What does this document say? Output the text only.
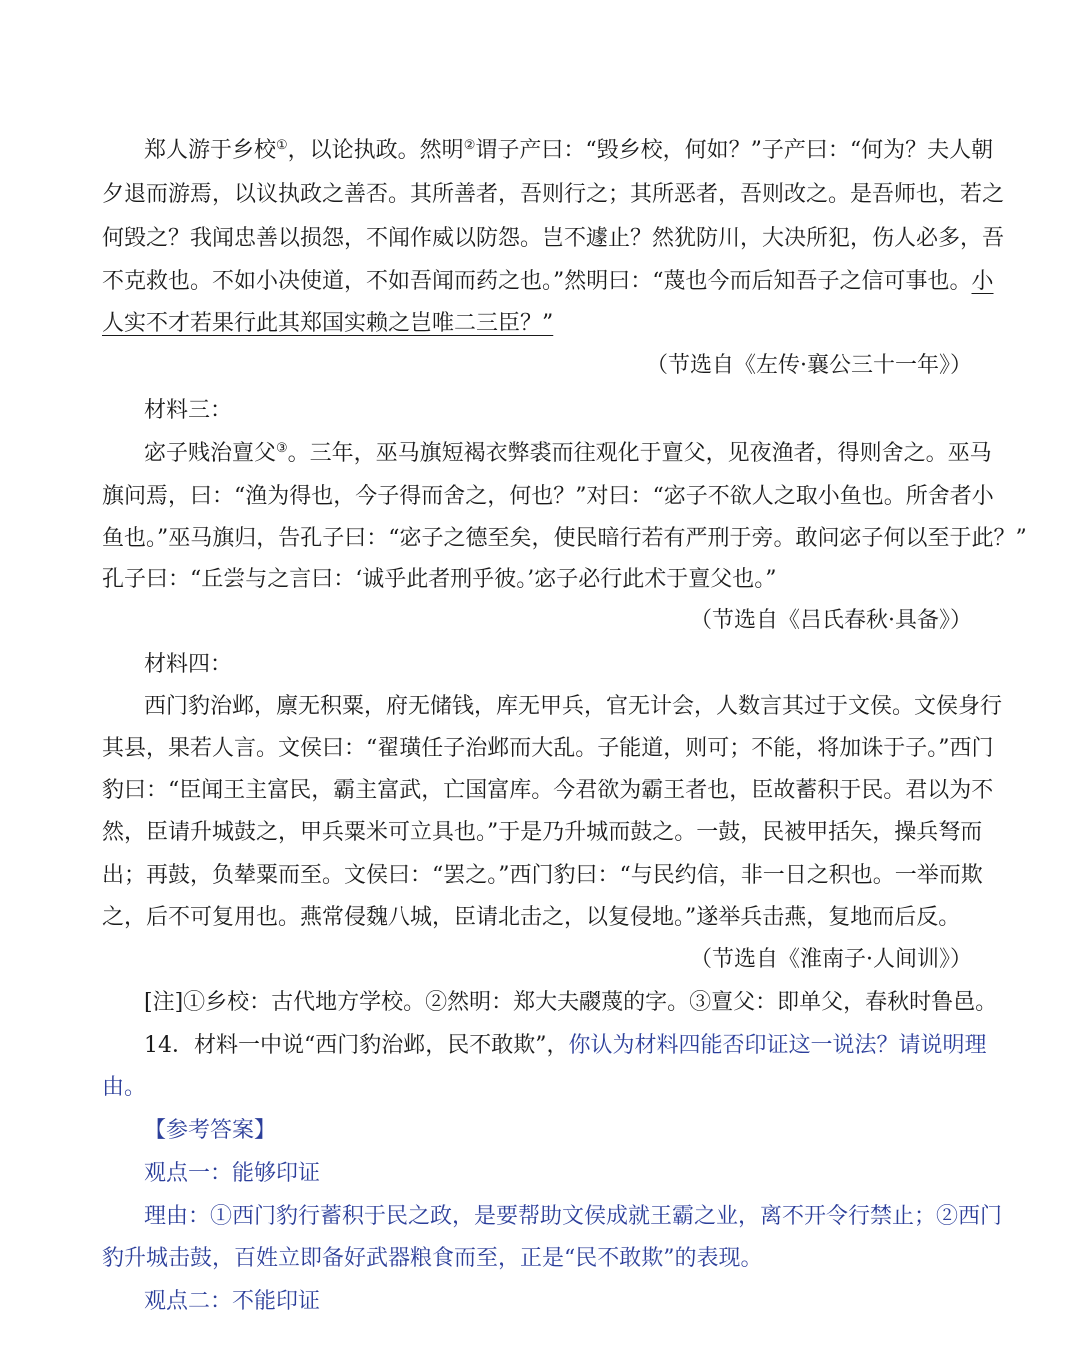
郑人游于乡校①，以论执政。然明②谓子产曰：“毁乡校，何如？”子产曰：“何为？夫人朝
夕退而游焉，以议执政之善否。其所善者，吾则行之；其所恶者，吾则改之。是吾师也，若之
何毁之？我闻忠善以损怨，不闻作威以防怨。岂不遽止？然犹防川，大决所犯，伤人必多，吾
不克救也。不如小决使道，不如吾闻而药之也。”然明曰：“蔑也今而后知吾子之信可事也。小
人实不才若果行此其郑国实赖之岂唯二三臣？”
（节选自《左传·襄公三十一年》）
材料三：
宓子贱治亶父③。三年，巫马旗短褐衣弊裘而往观化于亶父，见夜渔者，得则舍之。巫马
旗问焉，曰：“渔为得也，今子得而舍之，何也？”对曰：“宓子不欲人之取小鱼也。所舍者小
鱼也。”巫马旗归，告孔子曰：“宓子之德至矣，使民暗行若有严刑于旁。敢问宓子何以至于此？”
孔子曰：“丘尝与之言曰：‘诚乎此者刑乎彼。’宓子必行此术于亶父也。”
（节选自《吕氏春秋·具备》）
材料四：
西门豹治邺，廪无积粟，府无储钱，库无甲兵，官无计会，人数言其过于文侯。文侯身行
其县，果若人言。文侯曰：“翟璜任子治邺而大乱。子能道，则可；不能，将加诛于子。”西门
豹曰：“臣闻王主富民，霸主富武，亡国富库。今君欲为霸王者也，臣故蓄积于民。君以为不
然，臣请升城鼓之，甲兵粟米可立具也。”于是乃升城而鼓之。一鼓，民被甲括矢，操兵弩而
出；再鼓，负辇粟而至。文侯曰：“罢之。”西门豹曰：“与民约信，非一日之积也。一举而欺
之，后不可复用也。燕常侵魏八城，臣请北击之，以复侵地。”遂举兵击燕，复地而后反。
（节选自《淮南子·人间训》）
[注]①乡校：古代地方学校。②然明：郑大夫鬷蔑的字。③亶父：即单父，春秋时鲁邑。
14．材料一中说“西门豹治邺，民不敢欺”，你认为材料四能否印证这一说法？请说明理
由。
【参考答案】
观点一：能够印证
理由：①西门豹行蓄积于民之政，是要帮助文侯成就王霸之业，离不开令行禁止；②西门
豹升城击鼓，百姓立即备好武器粮食而至，正是“民不敢欺”的表现。
观点二：不能印证
